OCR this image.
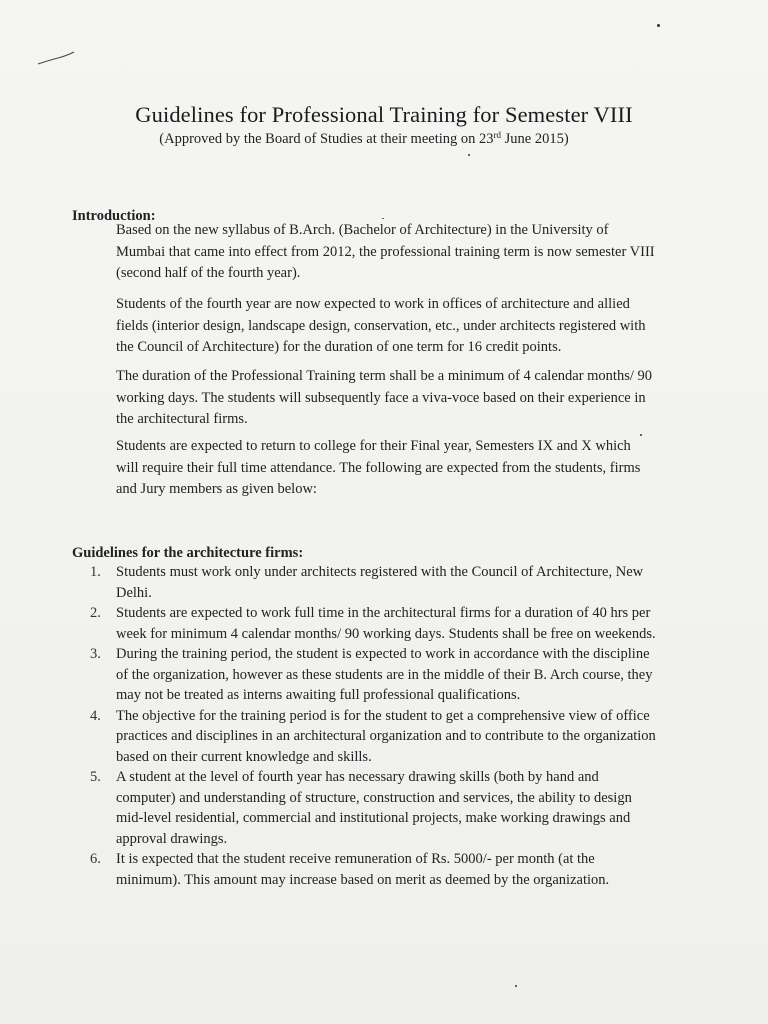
Guidelines for Professional Training for Semester VIII

(Approved by the Board of Studies at their meeting on 23rd June 2015)

Introduction:

Based on the new syllabus of B.Arch. (Bachelor of Architecture) in the University of Mumbai that came into effect from 2012, the professional training term is now semester VIII (second half of the fourth year).

Students of the fourth year are now expected to work in offices of architecture and allied fields (interior design, landscape design, conservation, etc., under architects registered with the Council of Architecture) for the duration of one term for 16 credit points.

The duration of the Professional Training term shall be a minimum of 4 calendar months/ 90 working days. The students will subsequently face a viva-voce based on their experience in the architectural firms.

Students are expected to return to college for their Final year, Semesters IX and X which will require their full time attendance. The following are expected from the students, firms and Jury members as given below:

Guidelines for the architecture firms:
1. Students must work only under architects registered with the Council of Architecture, New Delhi.
2. Students are expected to work full time in the architectural firms for a duration of 40 hrs per week for minimum 4 calendar months/ 90 working days. Students shall be free on weekends.
3. During the training period, the student is expected to work in accordance with the discipline of the organization, however as these students are in the middle of their B. Arch course, they may not be treated as interns awaiting full professional qualifications.
4. The objective for the training period is for the student to get a comprehensive view of office practices and disciplines in an architectural organization and to contribute to the organization based on their current knowledge and skills.
5. A student at the level of fourth year has necessary drawing skills (both by hand and computer) and understanding of structure, construction and services, the ability to design mid-level residential, commercial and institutional projects, make working drawings and approval drawings.
6. It is expected that the student receive remuneration of Rs. 5000/- per month (at the minimum). This amount may increase based on merit as deemed by the organization.
